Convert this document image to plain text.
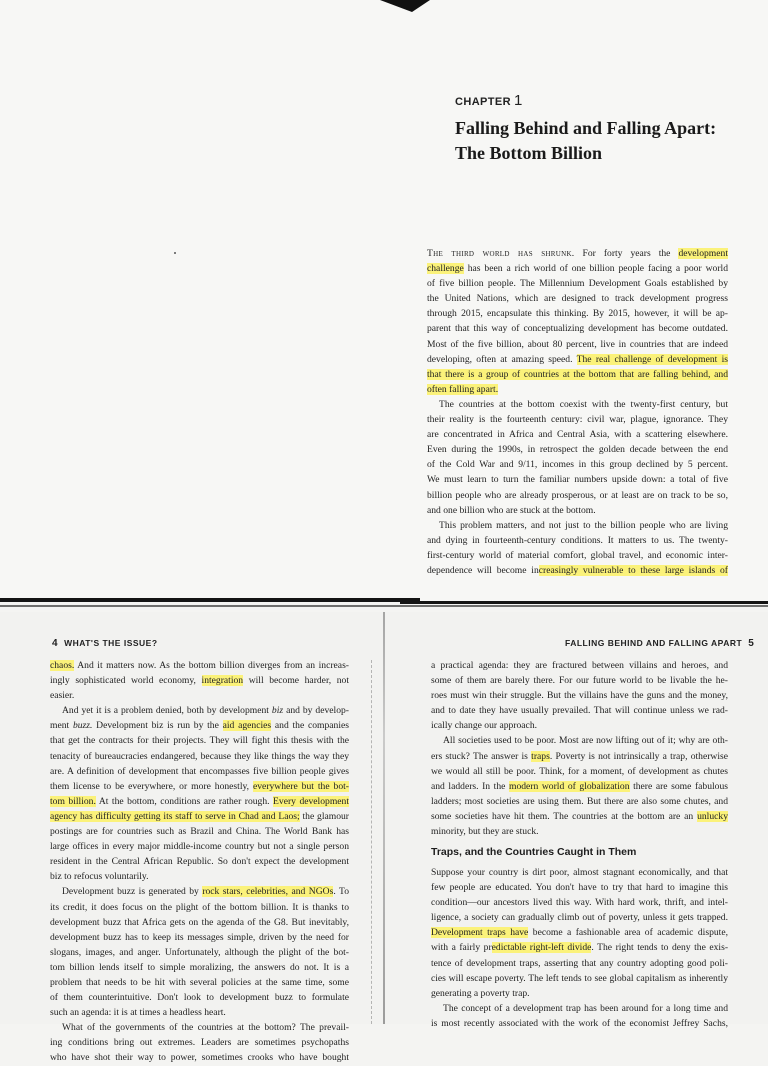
CHAPTER 1
Falling Behind and Falling Apart:
The Bottom Billion
The third world has shrunk. For forty years the development
challenge has been a rich world of one billion people facing a poor world
of five billion people. The Millennium Development Goals established by
the United Nations, which are designed to track development progress
through 2015, encapsulate this thinking. By 2015, however, it will be ap-
parent that this way of conceptualizing development has become outdated.
Most of the five billion, about 80 percent, live in countries that are indeed
developing, often at amazing speed. The real challenge of development is
that there is a group of countries at the bottom that are falling behind, and
often falling apart.
The countries at the bottom coexist with the twenty-first century, but
their reality is the fourteenth century: civil war, plague, ignorance. They
are concentrated in Africa and Central Asia, with a scattering elsewhere.
Even during the 1990s, in retrospect the golden decade between the end
of the Cold War and 9/11, incomes in this group declined by 5 percent.
We must learn to turn the familiar numbers upside down: a total of five
billion people who are already prosperous, or at least are on track to be so,
and one billion who are stuck at the bottom.
This problem matters, and not just to the billion people who are living
and dying in fourteenth-century conditions. It matters to us. The twenty-
first-century world of material comfort, global travel, and economic inter-
dependence will become increasingly vulnerable to these large islands of
4 WHAT'S THE ISSUE?	FALLING BEHIND AND FALLING APART 5
chaos. And it matters now. As the bottom billion diverges from an increas-
ingly sophisticated world economy, integration will become harder, not
easier.
And yet it is a problem denied, both by development biz and by develop-
ment buzz. Development biz is run by the aid agencies and the companies
that get the contracts for their projects. They will fight this thesis with the
tenacity of bureaucracies endangered, because they like things the way they
are. A definition of development that encompasses five billion people gives
them license to be everywhere, or more honestly, everywhere but the bot-
tom billion. At the bottom, conditions are rather rough. Every development
agency has difficulty getting its staff to serve in Chad and Laos; the glamour
postings are for countries such as Brazil and China. The World Bank has
large offices in every major middle-income country but not a single person
resident in the Central African Republic. So don't expect the development
biz to refocus voluntarily.
Development buzz is generated by rock stars, celebrities, and NGOs. To
its credit, it does focus on the plight of the bottom billion. It is thanks to
development buzz that Africa gets on the agenda of the G8. But inevitably,
development buzz has to keep its messages simple, driven by the need for
slogans, images, and anger. Unfortunately, although the plight of the bot-
tom billion lends itself to simple moralizing, the answers do not. It is a
problem that needs to be hit with several policies at the same time, some
of them counterintuitive. Don't look to development buzz to formulate
such an agenda: it is at times a headless heart.
What of the governments of the countries at the bottom? The prevail-
ing conditions bring out extremes. Leaders are sometimes psychopaths
who have shot their way to power, sometimes crooks who have bought
a practical agenda: they are fractured between villains and heroes, and
some of them are barely there. For our future world to be livable the he-
roes must win their struggle. But the villains have the guns and the money,
and to date they have usually prevailed. That will continue unless we rad-
ically change our approach.
All societies used to be poor. Most are now lifting out of it; why are oth-
ers stuck? The answer is traps. Poverty is not intrinsically a trap, otherwise
we would all still be poor. Think, for a moment, of development as chutes
and ladders. In the modern world of globalization there are some fabulous
ladders; most societies are using them. But there are also some chutes, and
some societies have hit them. The countries at the bottom are an unlucky
minority, but they are stuck.
Traps, and the Countries Caught in Them
Suppose your country is dirt poor, almost stagnant economically, and that
few people are educated. You don't have to try that hard to imagine this
condition—our ancestors lived this way. With hard work, thrift, and intel-
ligence, a society can gradually climb out of poverty, unless it gets trapped.
Development traps have become a fashionable area of academic dispute,
with a fairly predictable right-left divide. The right tends to deny the exis-
tence of development traps, asserting that any country adopting good poli-
cies will escape poverty. The left tends to see global capitalism as inherently
generating a poverty trap.
The concept of a development trap has been around for a long time and
is most recently associated with the work of the economist Jeffrey Sachs,
